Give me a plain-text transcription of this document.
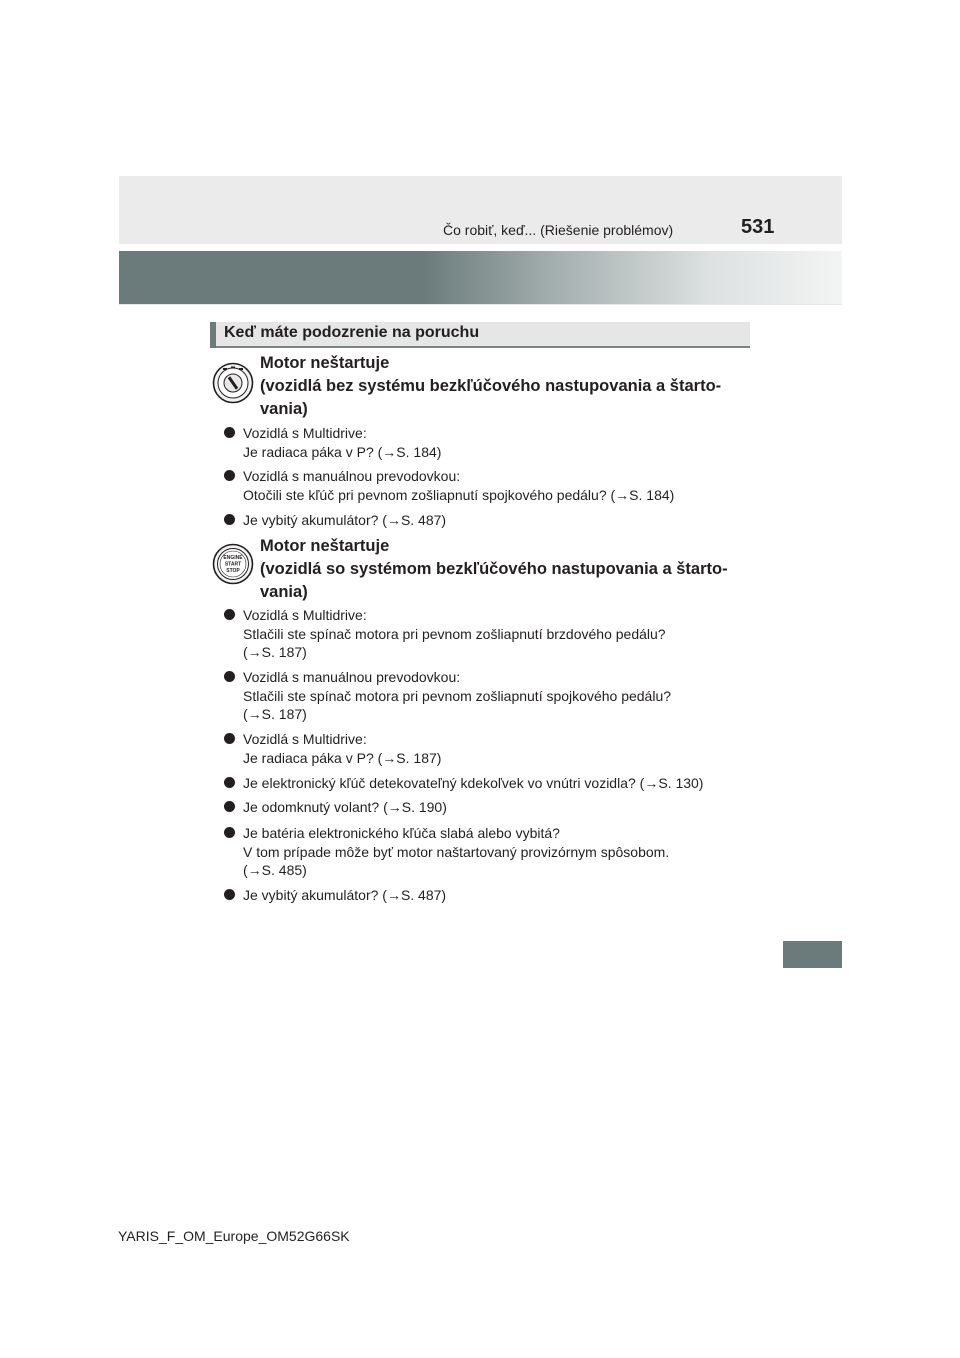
Čo robiť, keď... (Riešenie problémov)	531
Keď máte podozrenie na poruchu
Motor neštartuje
(vozidlá bez systému bezkľúčového nastupovania a štarto-
vania)
Vozidlá s Multidrive:
Je radiaca páka v P? (→S. 184)
Vozidlá s manuálnou prevodovkou:
Otočili ste kľúč pri pevnom zošliapnutí spojkového pedálu? (→S. 184)
Je vybitý akumulátor? (→S. 487)
ENGINE
START
STOP
Motor neštartuje
(vozidlá so systémom bezkľúčového nastupovania a štarto-
vania)
Vozidlá s Multidrive:
Stlačili ste spínač motora pri pevnom zošliapnutí brzdového pedálu?
(→S. 187)
Vozidlá s manuálnou prevodovkou:
Stlačili ste spínač motora pri pevnom zošliapnutí spojkového pedálu?
(→S. 187)
Vozidlá s Multidrive:
Je radiaca páka v P? (→S. 187)
Je elektronický kľúč detekovateľný kdekoľvek vo vnútri vozidla? (→S. 130)
Je odomknutý volant? (→S. 190)
Je batéria elektronického kľúča slabá alebo vybitá?
V tom prípade môže byť motor naštartovaný provizórnym spôsobom.
(→S. 485)
Je vybitý akumulátor? (→S. 487)
YARIS_F_OM_Europe_OM52G66SK
